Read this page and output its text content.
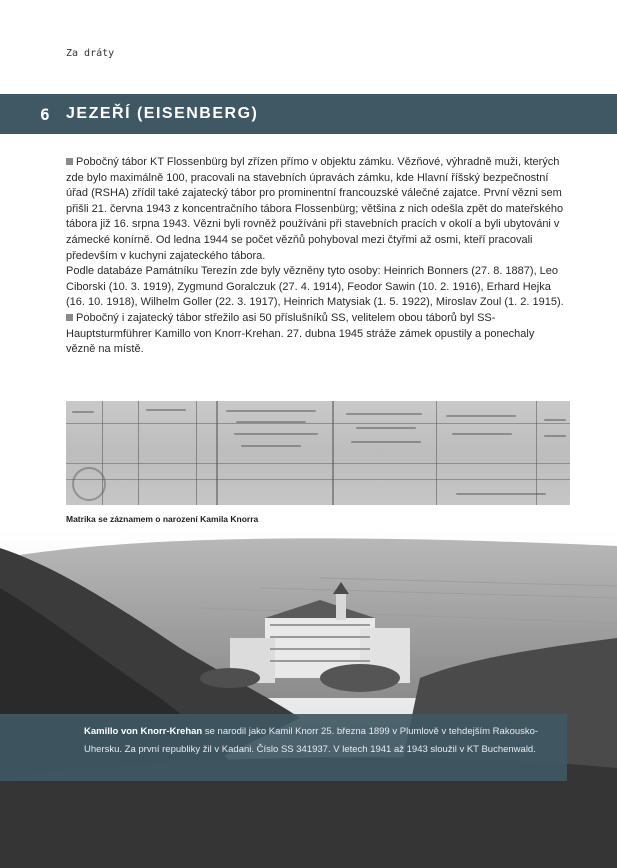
Za dráty
6	JEZEŘÍ (EISENBERG)

Pobočný tábor KT Flossenbürg byl zřízen přímo v objektu zámku. Vězňové, výhradně muži, kterých zde bylo maximálně 100, pracovali na stavebních úpravách zámku, kde Hlavní říšský bezpečnostní úřad (RSHA) zřídil také zajatecký tábor pro prominentní francouzské válečné zajatce. První vězni sem přišli 21. června 1943 z koncentračního tábora Flossenbürg; většina z nich odešla zpět do mateřského tábora již 16. srpna 1943. Vězni byli rovněž používáni při stavebních pracích v okolí a byli ubytováni v zámecké konírně. Od ledna 1944 se počet vězňů pohyboval mezi čtyřmi až osmi, kteří pracovali především v kuchyni zajateckého tábora.

Podle databáze Památníku Terezín zde byly vězněny tyto osoby: Heinrich Bonners (27. 8. 1887), Leo Ciborski (10. 3. 1919), Zygmund Goralczuk (27. 4. 1914), Feodor Sawin (10. 2. 1916), Erhard Hejka (16. 10. 1918), Wilhelm Goller (22. 3. 1917), Heinrich Matysiak (1. 5. 1922), Miroslav Zoul (1. 2. 1915).

Pobočný i zajatecký tábor střežilo asi 50 příslušníků SS, velitelem obou táborů byl SS-Hauptsturmführer Kamillo von Knorr-Krehan. 27. dubna 1945 stráže zámek opustily a ponechaly vězně na místě.

Matrika se záznamem o narození Kamila Knorra
Kamillo von Knorr-Krehan se narodil jako Kamil Knorr 25. března 1899 v Plumlově v tehdejším Rakousko-Uhersku. Za první republiky žil v Kadani. Číslo SS 341937. V letech 1941 až 1943 sloužil v KT Buchenwald.
